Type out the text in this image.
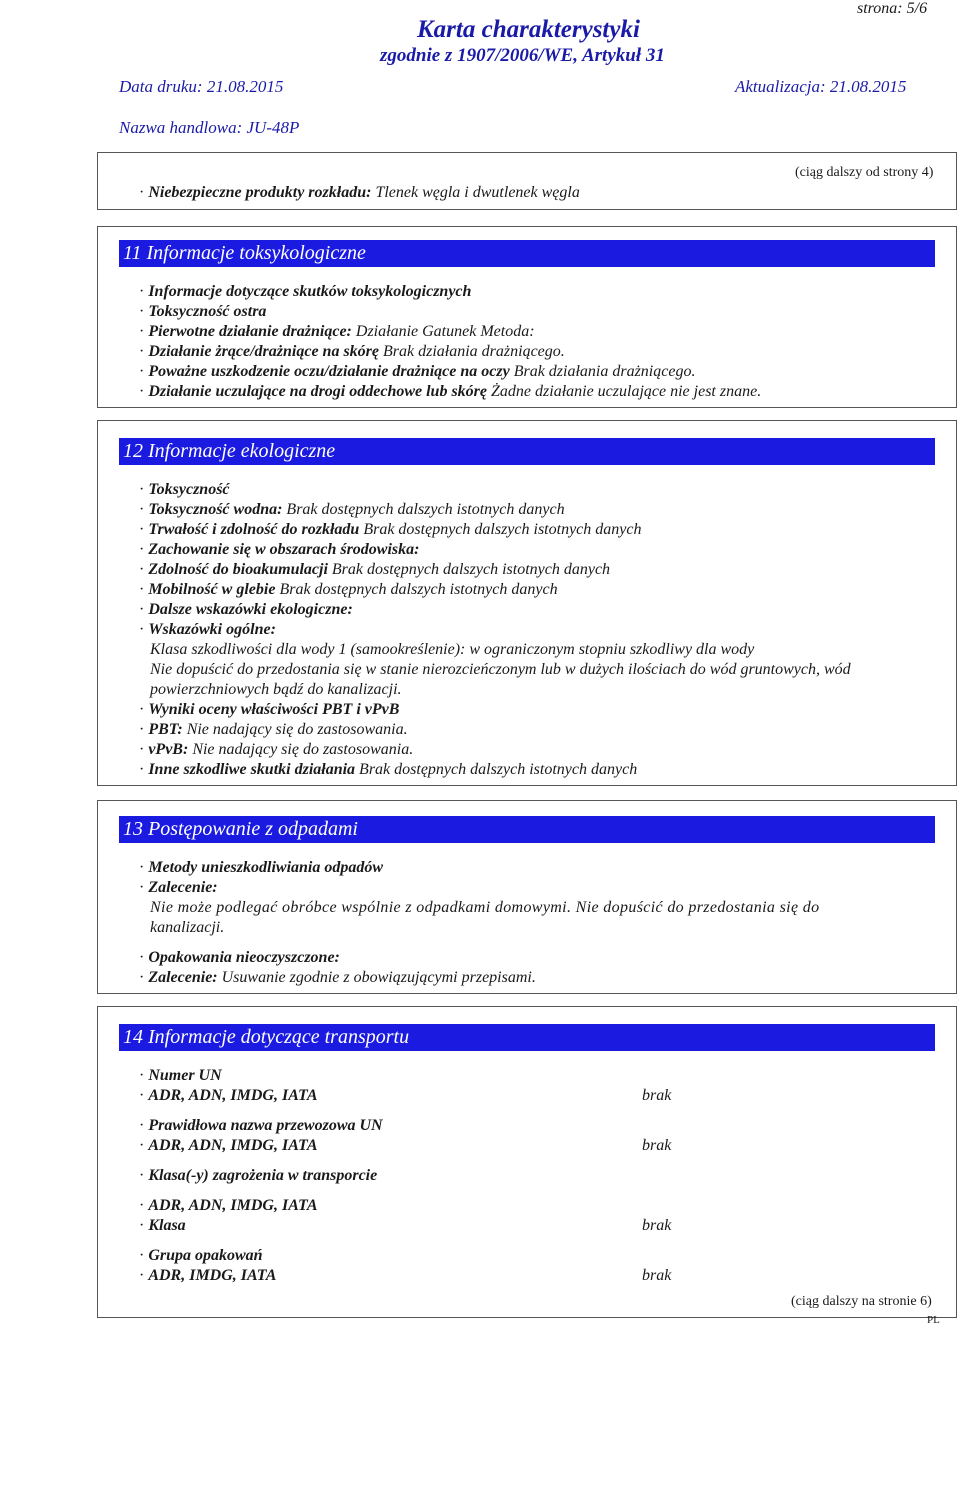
strona: 5/6
Karta charakterystyki
zgodnie z 1907/2006/WE, Artykuł 31
Data druku: 21.08.2015	Aktualizacja: 21.08.2015
Nazwa handlowa: JU-48P
(ciąg dalszy od strony 4)
· Niebezpieczne produkty rozkładu: Tlenek węgla i dwutlenek węgla
11 Informacje toksykologiczne
· Informacje dotyczące skutków toksykologicznych
· Toksyczność ostra
· Pierwotne działanie drażniące: Działanie Gatunek Metoda:
· Działanie żrące/drażniące na skórę Brak działania drażniącego.
· Poważne uszkodzenie oczu/działanie drażniące na oczy Brak działania drażniącego.
· Działanie uczulające na drogi oddechowe lub skórę Żadne działanie uczulające nie jest znane.
12 Informacje ekologiczne
· Toksyczność
· Toksyczność wodna: Brak dostępnych dalszych istotnych danych
· Trwałość i zdolność do rozkładu Brak dostępnych dalszych istotnych danych
· Zachowanie się w obszarach środowiska:
· Zdolność do bioakumulacji Brak dostępnych dalszych istotnych danych
· Mobilność w glebie Brak dostępnych dalszych istotnych danych
· Dalsze wskazówki ekologiczne:
· Wskazówki ogólne:
Klasa szkodliwości dla wody 1 (samookreślenie): w ograniczonym stopniu szkodliwy dla wody
Nie dopuścić do przedostania się w stanie nierozcieńczonym lub w dużych ilościach do wód gruntowych, wód
powierzchniowych bądź do kanalizacji.
· Wyniki oceny właściwości PBT i vPvB
· PBT: Nie nadający się do zastosowania.
· vPvB: Nie nadający się do zastosowania.
· Inne szkodliwe skutki działania Brak dostępnych dalszych istotnych danych
13 Postępowanie z odpadami
· Metody unieszkodliwiania odpadów
· Zalecenie:
Nie może podlegać obróbce wspólnie z odpadkami domowymi. Nie dopuścić do przedostania się do
kanalizacji.
· Opakowania nieoczyszczone:
· Zalecenie: Usuwanie zgodnie z obowiązującymi przepisami.
14 Informacje dotyczące transportu
· Numer UN
· ADR, ADN, IMDG, IATA	brak
· Prawidłowa nazwa przewozowa UN
· ADR, ADN, IMDG, IATA	brak
· Klasa(-y) zagrożenia w transporcie
· ADR, ADN, IMDG, IATA
· Klasa	brak
· Grupa opakowań
· ADR, IMDG, IATA	brak
(ciąg dalszy na stronie 6)
PL
